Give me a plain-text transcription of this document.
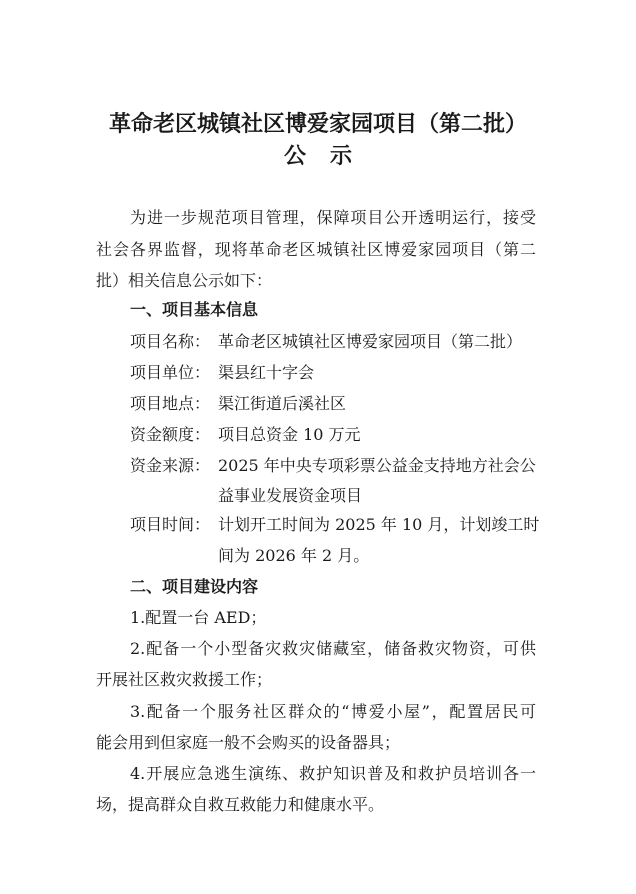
革命老区城镇社区博爱家园项目（第二批）
公示
为进一步规范项目管理，保障项目公开透明运行，接受
社会各界监督，现将革命老区城镇社区博爱家园项目（第二
批）相关信息公示如下：
一、项目基本信息
项目名称： 革命老区城镇社区博爱家园项目（第二批）
项目单位： 渠县红十字会
项目地点： 渠江街道后溪社区
资金额度： 项目总资金 10 万元
资金来源： 2025 年中央专项彩票公益金支持地方社会公
益事业发展资金项目
项目时间： 计划开工时间为 2025 年 10 月，计划竣工时
间为 2026 年 2 月。
二、项目建设内容
1.配置一台 AED；
2.配备一个小型备灾救灾储藏室，储备救灾物资，可供
开展社区救灾救援工作；
3.配备一个服务社区群众的“博爱小屋”，配置居民可
能会用到但家庭一般不会购买的设备器具；
4.开展应急逃生演练、救护知识普及和救护员培训各一
场，提高群众自救互救能力和健康水平。
